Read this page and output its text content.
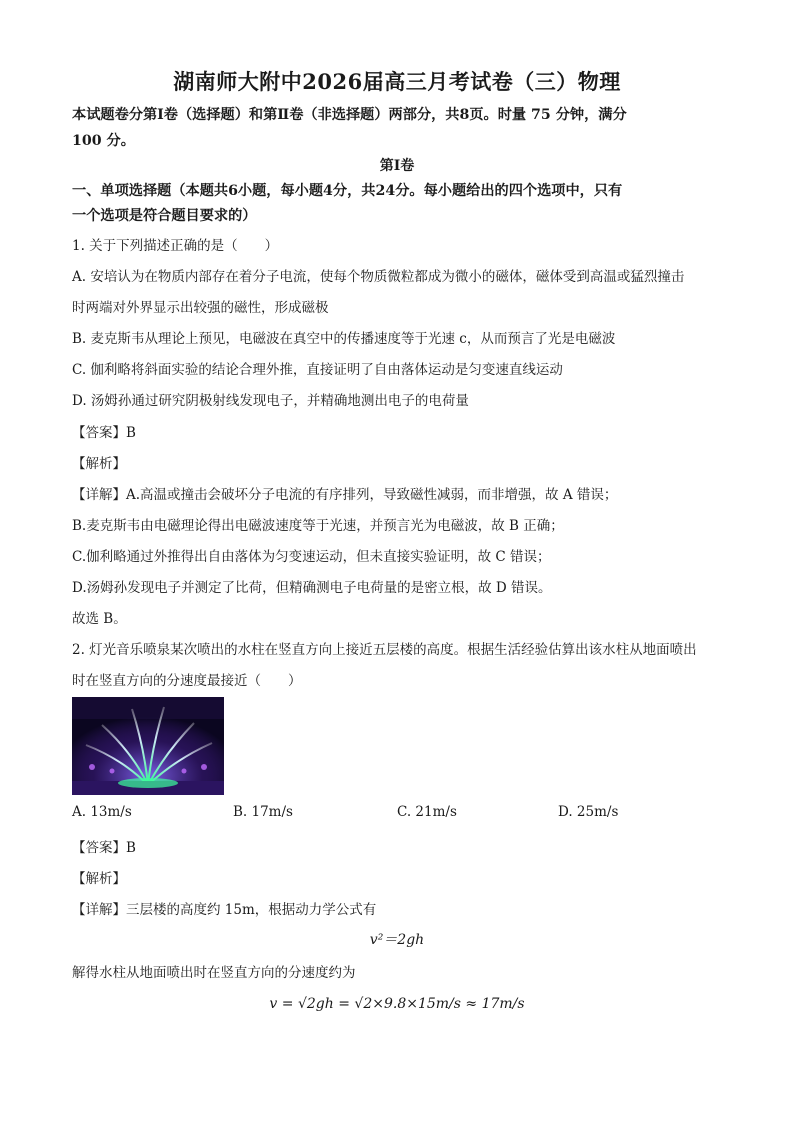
湖南师大附中2026届高三月考试卷（三）物理
本试题卷分第Ⅰ卷（选择题）和第Ⅱ卷（非选择题）两部分，共8页。时量 75 分钟，满分
100 分。
第Ⅰ卷
一、单项选择题（本题共6小题，每小题4分，共24分。每小题给出的四个选项中，只有
一个选项是符合题目要求的）
1. 关于下列描述正确的是（　　）
A. 安培认为在物质内部存在着分子电流，使每个物质微粒都成为微小的磁体，磁体受到高温或猛烈撞击
时两端对外界显示出较强的磁性，形成磁极
B. 麦克斯韦从理论上预见，电磁波在真空中的传播速度等于光速 c，从而预言了光是电磁波
C. 伽利略将斜面实验的结论合理外推，直接证明了自由落体运动是匀变速直线运动
D. 汤姆孙通过研究阴极射线发现电子，并精确地测出电子的电荷量
【答案】B
【解析】
【详解】A.高温或撞击会破坏分子电流的有序排列，导致磁性减弱，而非增强，故 A 错误；
B.麦克斯韦由电磁理论得出电磁波速度等于光速，并预言光为电磁波，故 B 正确；
C.伽利略通过外推得出自由落体为匀变速运动，但未直接实验证明，故 C 错误；
D.汤姆孙发现电子并测定了比荷，但精确测电子电荷量的是密立根，故 D 错误。
故选 B。
2. 灯光音乐喷泉某次喷出的水柱在竖直方向上接近五层楼的高度。根据生活经验估算出该水柱从地面喷出
时在竖直方向的分速度最接近（　　）
A. 13m/s	B. 17m/s	C. 21m/s	D. 25m/s
【答案】B
【解析】
【详解】三层楼的高度约 15m，根据动力学公式有
v²＝2gh
解得水柱从地面喷出时在竖直方向的分速度约为
v = √2gh = √2×9.8×15m/s ≈ 17m/s
